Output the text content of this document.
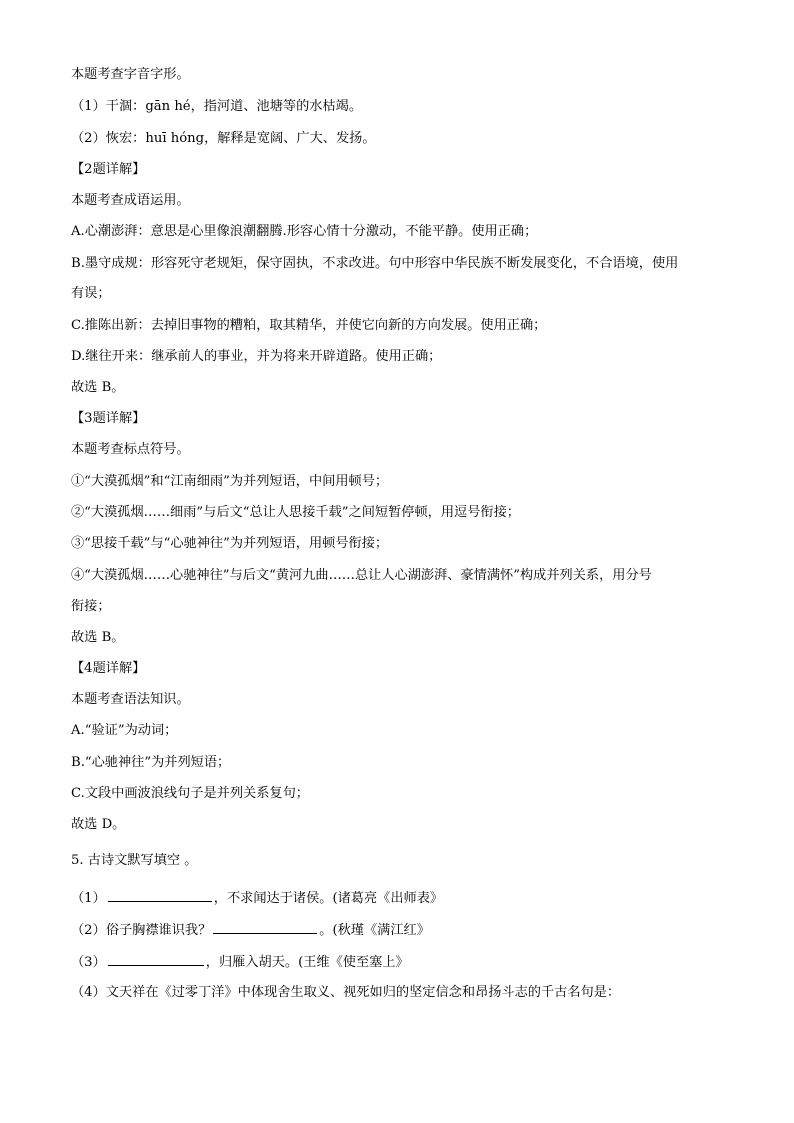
本题考查字音字形。
（1）干涸：gān hé，指河道、池塘等的水枯竭。
（2）恢宏：huī hóng，解释是宽阔、广大、发扬。
【2题详解】
本题考查成语运用。
A.心潮澎湃：意思是心里像浪潮翻腾.形容心情十分激动，不能平静。使用正确；
B.墨守成规：形容死守老规矩，保守固执，不求改进。句中形容中华民族不断发展变化，不合语境，使用
有误；
C.推陈出新：去掉旧事物的糟粕，取其精华，并使它向新的方向发展。使用正确；
D.继往开来：继承前人的事业，并为将来开辟道路。使用正确；
故选 B。
【3题详解】
本题考查标点符号。
①“大漠孤烟”和“江南细雨”为并列短语，中间用顿号；
②“大漠孤烟……细雨”与后文“总让人思接千载”之间短暂停顿，用逗号衔接；
③“思接千载”与“心驰神往”为并列短语，用顿号衔接；
④“大漠孤烟……心驰神往”与后文“黄河九曲……总让人心湖澎湃、豪情满怀”构成并列关系，用分号
衔接；
故选 B。
【4题详解】
本题考查语法知识。
A.“验证”为动词；
B.“心驰神往”为并列短语；
C.文段中画波浪线句子是并列关系复句；
故选 D。
5. 古诗文默写填空 。
（1）	，不求闻达于诸侯。(诸葛亮《出师表》
（2）俗子胸襟谁识我？	。(秋瑾《满江红》
（3）	，归雁入胡天。(王维《使至塞上》
（4）文天祥在《过零丁洋》中体现舍生取义、视死如归的坚定信念和昂扬斗志的千古名句是：
